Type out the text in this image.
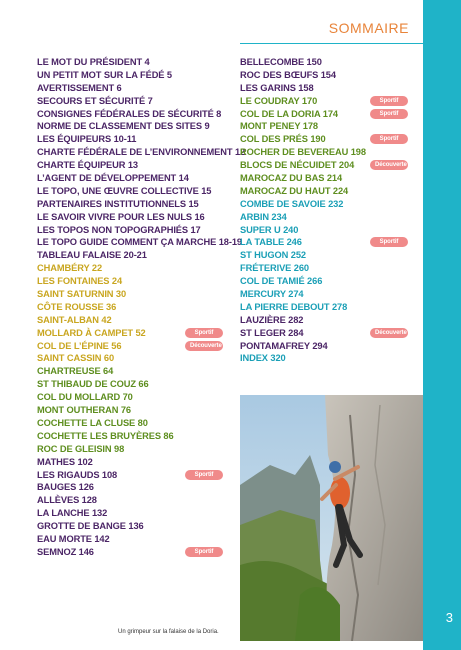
SOMMAIRE
LE MOT DU PRÉSIDENT 4
UN PETIT MOT SUR LA FÉDÉ 5
AVERTISSEMENT 6
SECOURS ET SÉCURITÉ 7
CONSIGNES FÉDÉRALES DE SÉCURITÉ 8
NORME DE CLASSEMENT DES SITES 9
LES ÉQUIPEURS 10-11
CHARTE FÉDÉRALE DE L’ENVIRONNEMENT 12
CHARTE ÉQUIPEUR 13
L’AGENT DE DÉVELOPPEMENT 14
LE TOPO, UNE ŒUVRE COLLECTIVE 15
PARTENAIRES INSTITUTIONNELS 15
LE SAVOIR VIVRE POUR LES NULS 16
LES TOPOS NON TOPOGRAPHIÉS 17
LE TOPO GUIDE COMMENT ÇA MARCHE 18-19
TABLEAU FALAISE 20-21
CHAMBÉRY 22
LES FONTAINES 24
SAINT SATURNIN 30
CÔTE ROUSSE 36
SAINT-ALBAN 42
MOLLARD À CAMPET 52	Sportif
COL DE L’ÉPINE 56	Découverte
SAINT CASSIN 60
CHARTREUSE 64
ST THIBAUD DE COUZ 66
COL DU MOLLARD 70
MONT OUTHERAN 76
COCHETTE LA CLUSE 80
COCHETTE LES BRUYÈRES 86
ROC DE GLEISIN 98
MATHES 102
LES RIGAUDS 108	Sportif
BAUGES 126
ALLÈVES 128
LA LANCHE 132
GROTTE DE BANGE 136
EAU MORTE 142
SEMNOZ 146	Sportif
BELLECOMBE 150
ROC DES BŒUFS 154
LES GARINS 158
LE COUDRAY 170	Sportif
COL DE LA DORIA 174	Sportif
MONT PENEY 178
COL DES PRÉS 190	Sportif
ROCHER DE BEVEREAU 198
BLOCS DE NÉCUIDET 204	Découverte
MAROCAZ DU BAS 214
MAROCAZ DU HAUT 224
COMBE DE SAVOIE 232
ARBIN 234
SUPER U 240
LA TABLE 246	Sportif
ST HUGON 252
FRÉTERIVE 260
COL DE TAMIÉ 266
MERCURY 274
LA PIERRE DEBOUT 278
LAUZIÈRE 282
ST LEGER 284	Découverte
PONTAMAFREY 294
INDEX 320
3
Un grimpeur sur la falaise de la Doria.
